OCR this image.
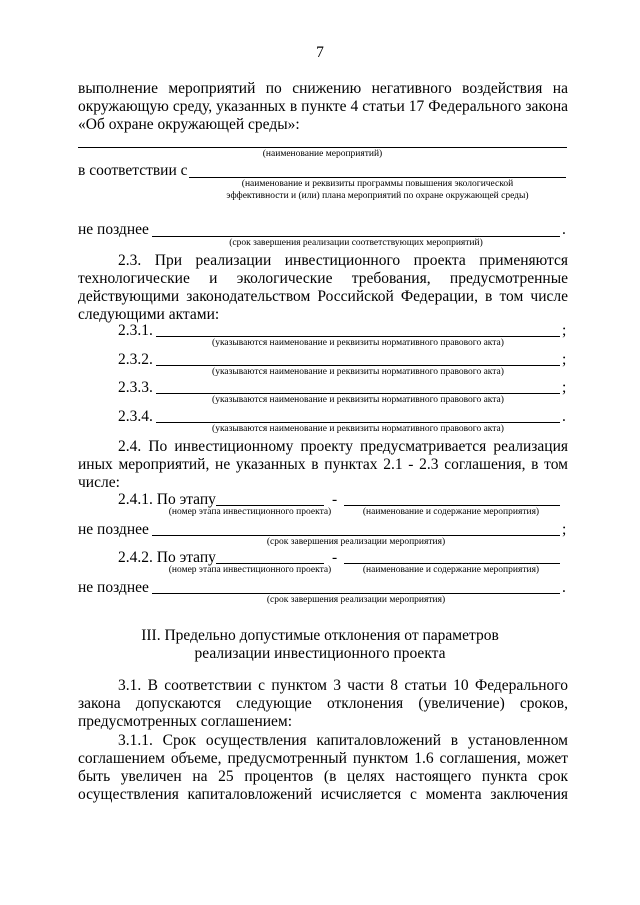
7
выполнение мероприятий по снижению негативного воздействия на
окружающую среду, указанных в пункте 4 статьи 17 Федерального закона
«Об охране окружающей среды»:
(наименование мероприятий)
в соответствии с
(наименование и реквизиты программы повышения экологической
эффективности и (или) плана мероприятий по охране окружающей среды)
не позднее	.
(срок завершения реализации соответствующих мероприятий)
2.3. При реализации инвестиционного проекта применяются
технологические и экологические требования, предусмотренные
действующими законодательством Российской Федерации, в том числе
следующими актами:
2.3.1.	;
(указываются наименование и реквизиты нормативного правового акта)
2.3.2.	;
(указываются наименование и реквизиты нормативного правового акта)
2.3.3.	;
(указываются наименование и реквизиты нормативного правового акта)
2.3.4.	.
(указываются наименование и реквизиты нормативного правового акта)
2.4. По инвестиционному проекту предусматривается реализация
иных мероприятий, не указанных в пунктах 2.1 - 2.3 соглашения, в том
числе:
2.4.1. По этапу	-
(номер этапа инвестиционного проекта)	(наименование и содержание мероприятия)
не позднее	;
(срок завершения реализации мероприятия)
2.4.2. По этапу	-
(номер этапа инвестиционного проекта)	(наименование и содержание мероприятия)
не позднее	.
(срок завершения реализации мероприятия)
III. Предельно допустимые отклонения от параметров
реализации инвестиционного проекта
3.1. В соответствии с пунктом 3 части 8 статьи 10 Федерального
закона допускаются следующие отклонения (увеличение) сроков,
предусмотренных соглашением:
3.1.1. Срок осуществления капиталовложений в установленном
соглашением объеме, предусмотренный пунктом 1.6 соглашения, может
быть увеличен на 25 процентов (в целях настоящего пункта срок
осуществления капиталовложений исчисляется с момента заключения
